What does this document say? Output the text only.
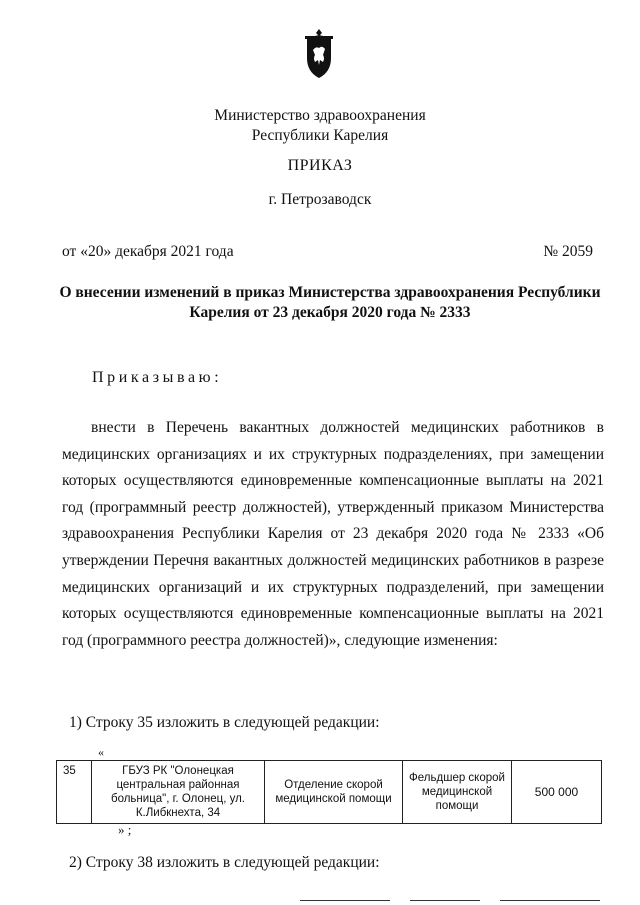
Министерство здравоохранения
Республики Карелия
ПРИКАЗ
г. Петрозаводск
от «20» декабря 2021 года	№ 2059
О внесении изменений в приказ Министерства здравоохранения Республики
Карелия от 23 декабря 2020 года № 2333
Приказываю:
внести в Перечень вакантных должностей медицинских работников в медицинских организациях и их структурных подразделениях, при замещении которых осуществляются единовременные компенсационные выплаты на 2021 год (программный реестр должностей), утвержденный приказом Министерства здравоохранения Республики Карелия от 23 декабря 2020 года № 2333 «Об утверждении Перечня вакантных должностей медицинских работников в разрезе медицинских организаций и их структурных подразделений, при замещении которых осуществляются единовременные компенсационные выплаты на 2021 год (программного реестра должностей)», следующие изменения:
1) Строку 35 изложить в следующей редакции:
«
35	ГБУЗ РК "Олонецкая центральная районная больница", г. Олонец, ул. К.Либкнехта, 34	Отделение скорой медицинской помощи	Фельдшер скорой медицинской помощи	500 000
» ;
2) Строку 38 изложить в следующей редакции:
